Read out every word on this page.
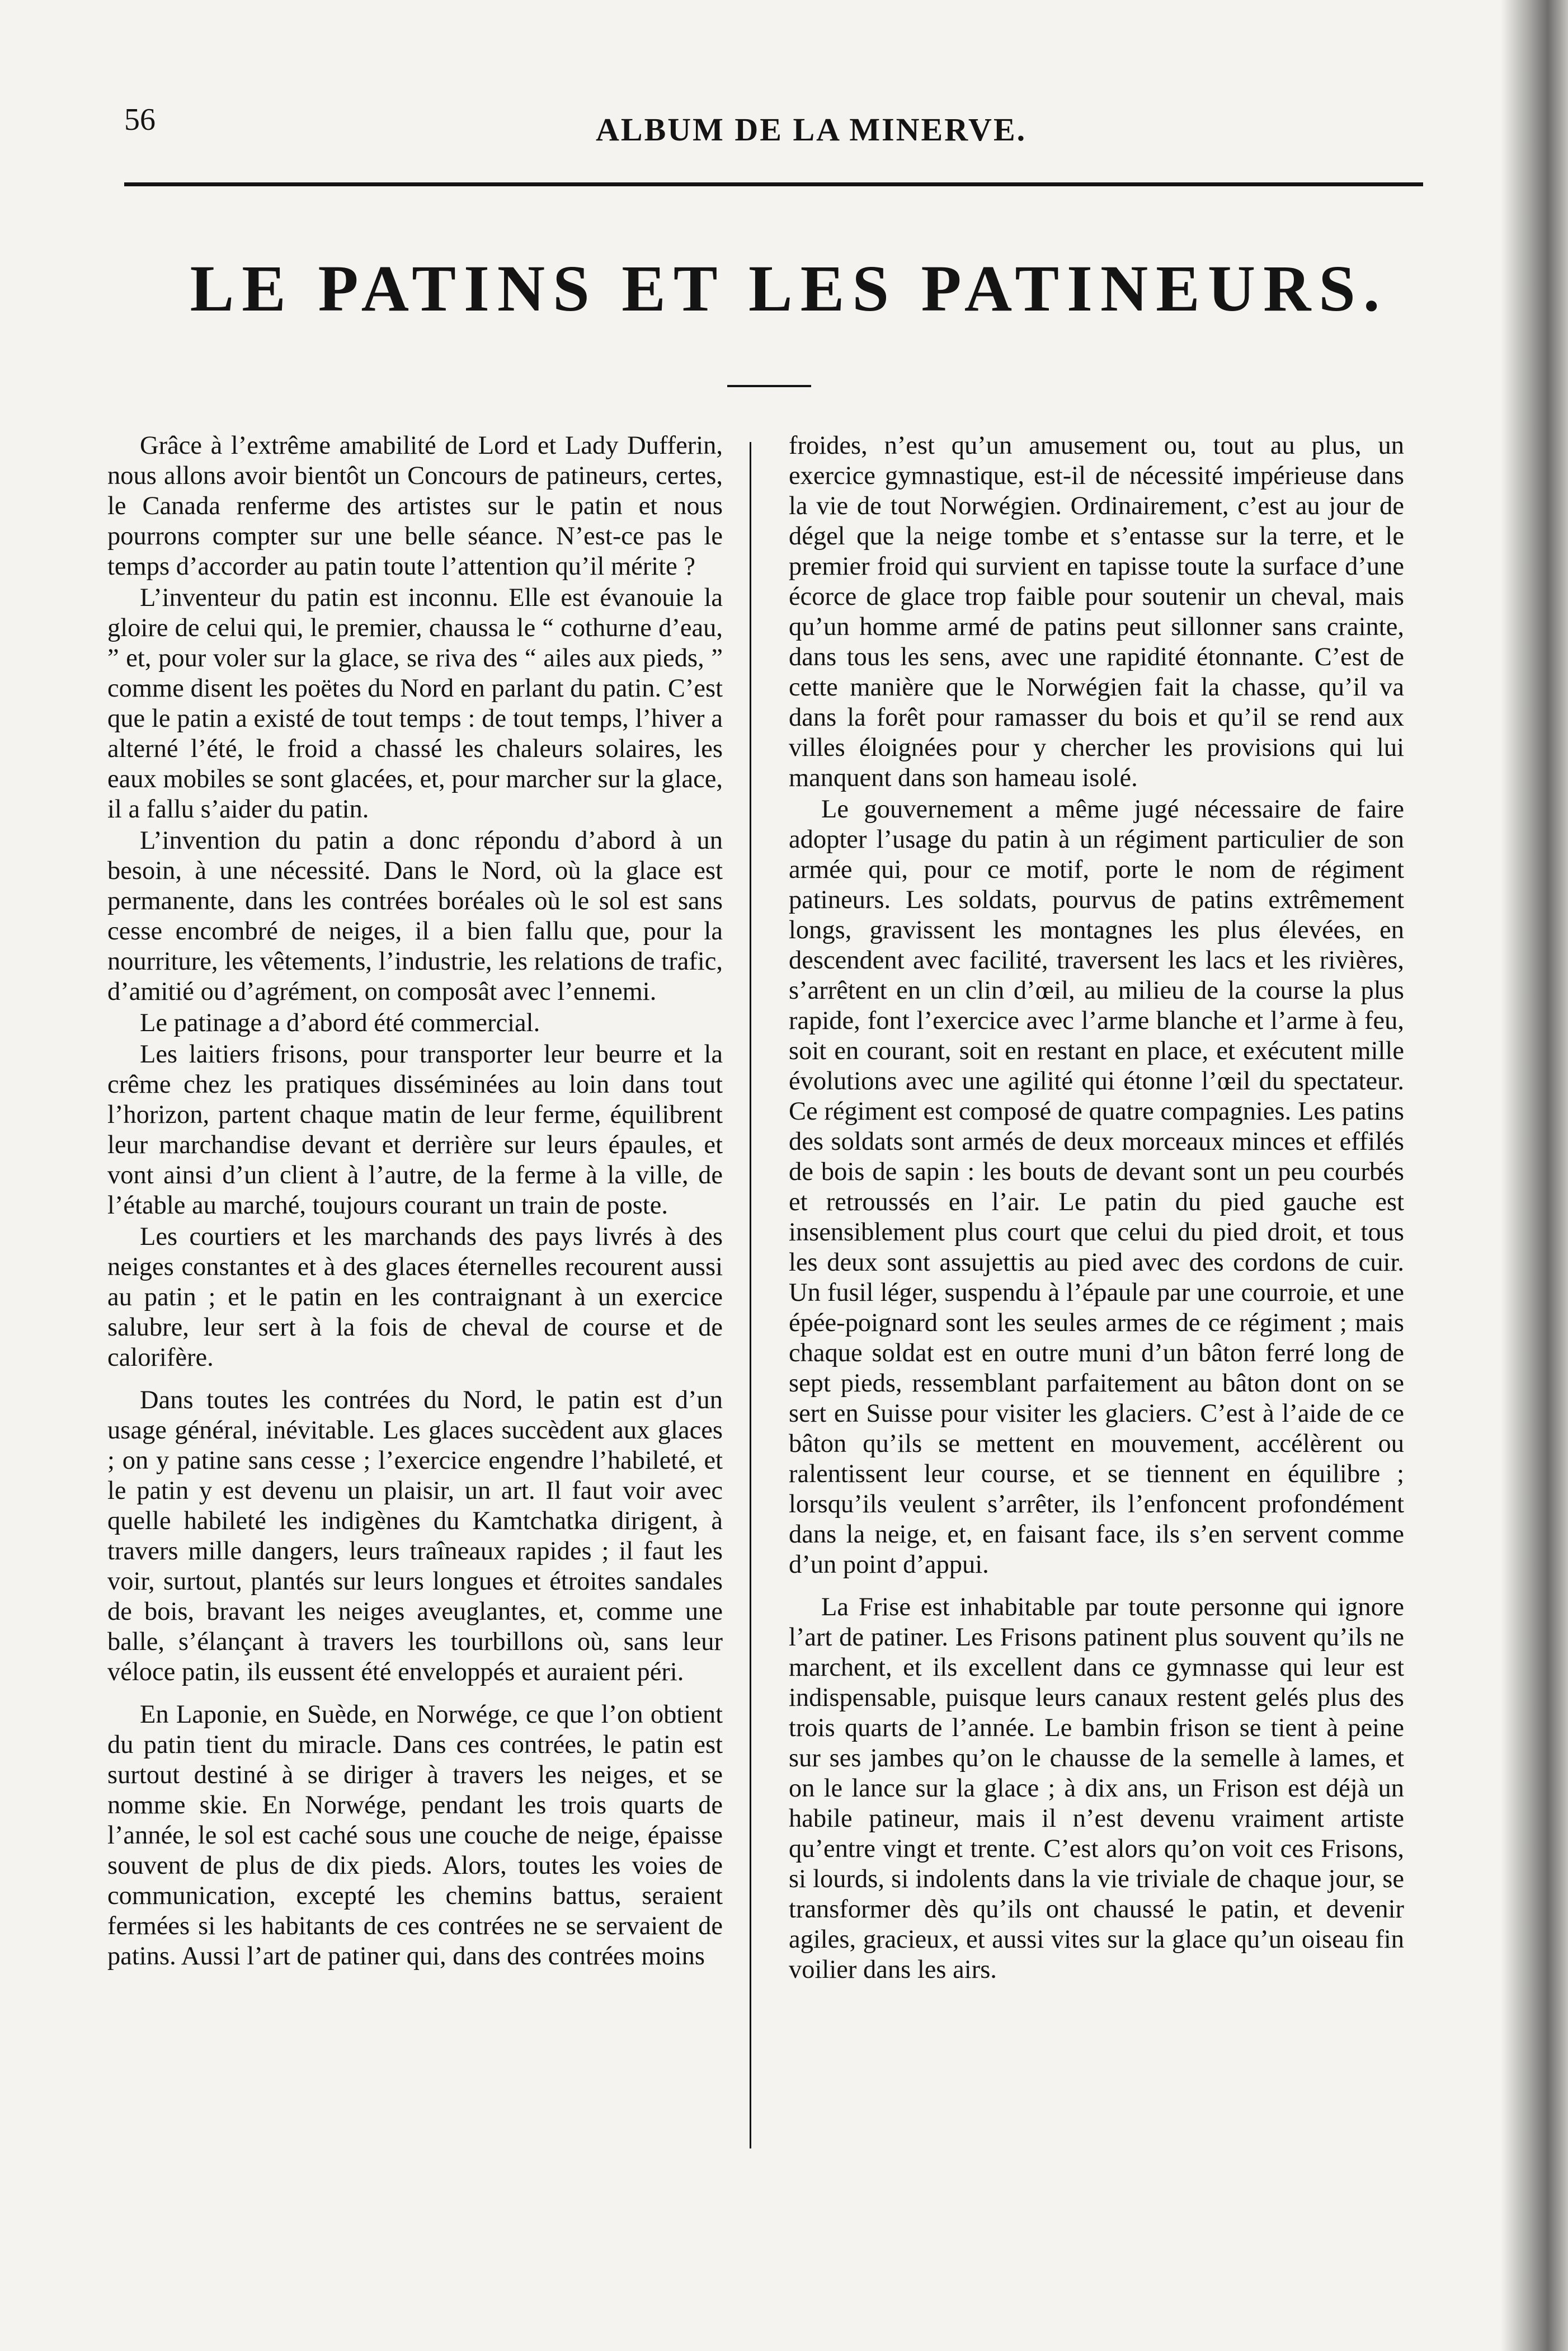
56	ALBUM DE LA MINERVE.
LE PATINS ET LES PATINEURS.

Grâce à l’extrême amabilité de Lord et Lady Dufferin, nous allons avoir bientôt un Concours de patineurs, certes, le Canada renferme des artistes sur le patin et nous pourrons compter sur une belle séance. N’est-ce pas le temps d’accorder au patin toute l’attention qu’il mérite ?

L’inventeur du patin est inconnu. Elle est évanouie la gloire de celui qui, le premier, chaussa le “ cothurne d’eau, ” et, pour voler sur la glace, se riva des “ ailes aux pieds, ” comme disent les poëtes du Nord en parlant du patin. C’est que le patin a existé de tout temps : de tout temps, l’hiver a alterné l’été, le froid a chassé les chaleurs solaires, les eaux mobiles se sont glacées, et, pour marcher sur la glace, il a fallu s’aider du patin.

L’invention du patin a donc répondu d’abord à un besoin, à une nécessité. Dans le Nord, où la glace est permanente, dans les contrées boréales où le sol est sans cesse encombré de neiges, il a bien fallu que, pour la nourriture, les vêtements, l’industrie, les relations de trafic, d’amitié ou d’agrément, on composât avec l’ennemi.

Le patinage a d’abord été commercial.

Les laitiers frisons, pour transporter leur beurre et la crême chez les pratiques disséminées au loin dans tout l’horizon, partent chaque matin de leur ferme, équilibrent leur marchandise devant et derrière sur leurs épaules, et vont ainsi d’un client à l’autre, de la ferme à la ville, de l’étable au marché, toujours courant un train de poste.

Les courtiers et les marchands des pays livrés à des neiges constantes et à des glaces éternelles recourent aussi au patin ; et le patin en les contraignant à un exercice salubre, leur sert à la fois de cheval de course et de calorifère.

Dans toutes les contrées du Nord, le patin est d’un usage général, inévitable. Les glaces succèdent aux glaces ; on y patine sans cesse ; l’exercice engendre l’habileté, et le patin y est devenu un plaisir, un art. Il faut voir avec quelle habileté les indigènes du Kamtchatka dirigent, à travers mille dangers, leurs traîneaux rapides ; il faut les voir, surtout, plantés sur leurs longues et étroites sandales de bois, bravant les neiges aveuglantes, et, comme une balle, s’élançant à travers les tourbillons où, sans leur véloce patin, ils eussent été enveloppés et auraient péri.

En Laponie, en Suède, en Norwége, ce que l’on obtient du patin tient du miracle. Dans ces contrées, le patin est surtout destiné à se diriger à travers les neiges, et se nomme skie. En Norwége, pendant les trois quarts de l’année, le sol est caché sous une couche de neige, épaisse souvent de plus de dix pieds. Alors, toutes les voies de communication, excepté les chemins battus, seraient fermées si les habitants de ces contrées ne se servaient de patins. Aussi l’art de patiner qui, dans des contrées moins

froides, n’est qu’un amusement ou, tout au plus, un exercice gymnastique, est-il de nécessité impérieuse dans la vie de tout Norwégien. Ordinairement, c’est au jour de dégel que la neige tombe et s’entasse sur la terre, et le premier froid qui survient en tapisse toute la surface d’une écorce de glace trop faible pour soutenir un cheval, mais qu’un homme armé de patins peut sillonner sans crainte, dans tous les sens, avec une rapidité étonnante. C’est de cette manière que le Norwégien fait la chasse, qu’il va dans la forêt pour ramasser du bois et qu’il se rend aux villes éloignées pour y chercher les provisions qui lui manquent dans son hameau isolé.

Le gouvernement a même jugé nécessaire de faire adopter l’usage du patin à un régiment particulier de son armée qui, pour ce motif, porte le nom de régiment patineurs. Les soldats, pourvus de patins extrêmement longs, gravissent les montagnes les plus élevées, en descendent avec facilité, traversent les lacs et les rivières, s’arrêtent en un clin d’œil, au milieu de la course la plus rapide, font l’exercice avec l’arme blanche et l’arme à feu, soit en courant, soit en restant en place, et exécutent mille évolutions avec une agilité qui étonne l’œil du spectateur. Ce régiment est composé de quatre compagnies. Les patins des soldats sont armés de deux morceaux minces et effilés de bois de sapin : les bouts de devant sont un peu courbés et retroussés en l’air. Le patin du pied gauche est insensiblement plus court que celui du pied droit, et tous les deux sont assujettis au pied avec des cordons de cuir. Un fusil léger, suspendu à l’épaule par une courroie, et une épée-poignard sont les seules armes de ce régiment ; mais chaque soldat est en outre muni d’un bâton ferré long de sept pieds, ressemblant parfaitement au bâton dont on se sert en Suisse pour visiter les glaciers. C’est à l’aide de ce bâton qu’ils se mettent en mouvement, accélèrent ou ralentissent leur course, et se tiennent en équilibre ; lorsqu’ils veulent s’arrêter, ils l’enfoncent profondément dans la neige, et, en faisant face, ils s’en servent comme d’un point d’appui.

La Frise est inhabitable par toute personne qui ignore l’art de patiner. Les Frisons patinent plus souvent qu’ils ne marchent, et ils excellent dans ce gymnasse qui leur est indispensable, puisque leurs canaux restent gelés plus des trois quarts de l’année. Le bambin frison se tient à peine sur ses jambes qu’on le chausse de la semelle à lames, et on le lance sur la glace ; à dix ans, un Frison est déjà un habile patineur, mais il n’est devenu vraiment artiste qu’entre vingt et trente. C’est alors qu’on voit ces Frisons, si lourds, si indolents dans la vie triviale de chaque jour, se transformer dès qu’ils ont chaussé le patin, et devenir agiles, gracieux, et aussi vites sur la glace qu’un oiseau fin voilier dans les airs.
